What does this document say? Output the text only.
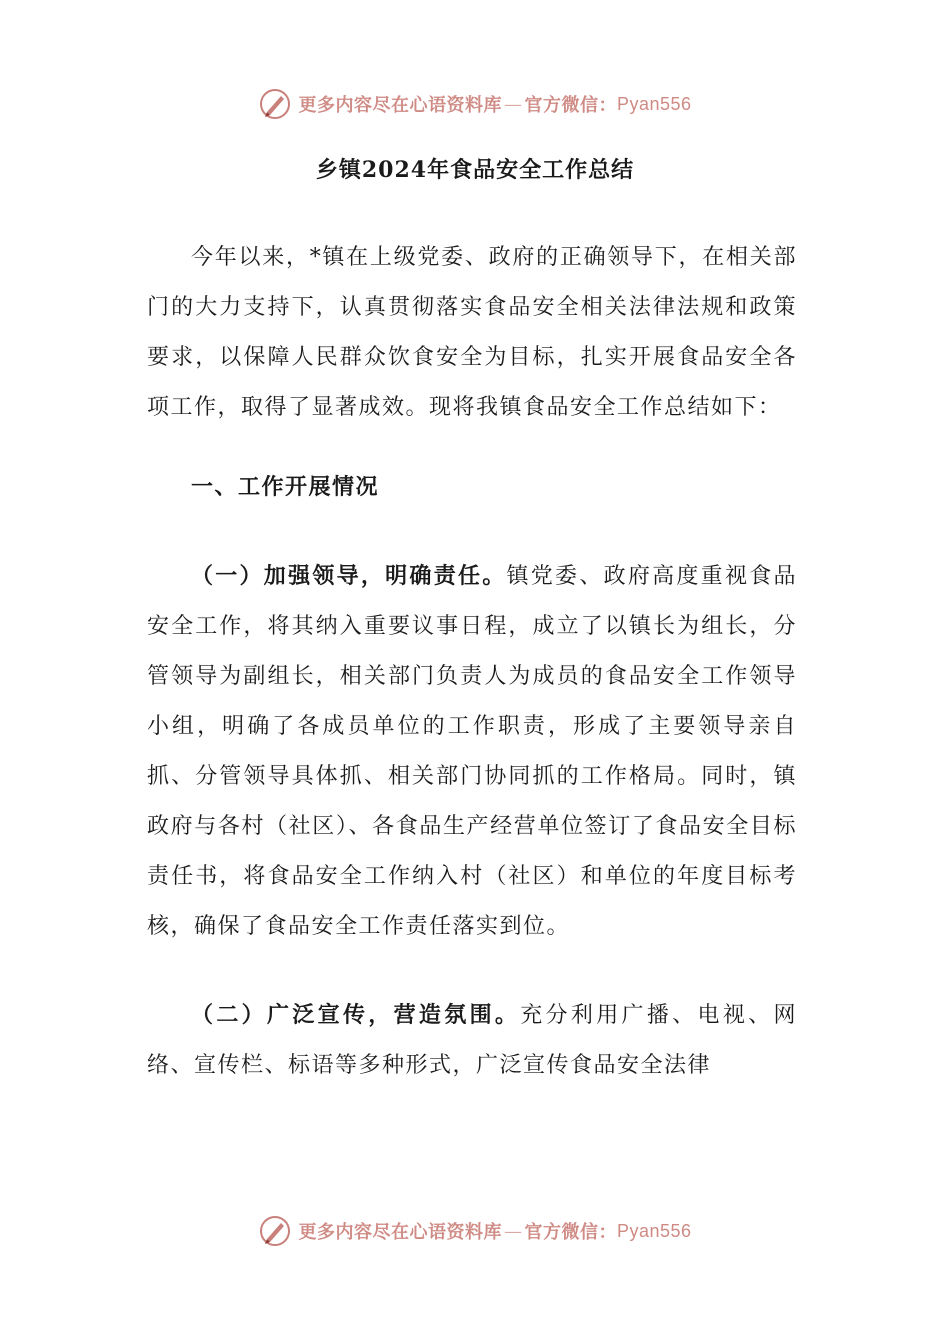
更多内容尽在心语资料库 — 官方微信： Pyan556
乡镇2024年食品安全工作总结

今年以来，*镇在上级党委、政府的正确领导下，在相关部门的大力支持下，认真贯彻落实食品安全相关法律法规和政策要求，以保障人民群众饮食安全为目标，扎实开展食品安全各项工作，取得了显著成效。现将我镇食品安全工作总结如下：

一、工作开展情况

（一）加强领导，明确责任。镇党委、政府高度重视食品安全工作，将其纳入重要议事日程，成立了以镇长为组长，分管领导为副组长，相关部门负责人为成员的食品安全工作领导小组，明确了各成员单位的工作职责，形成了主要领导亲自抓、分管领导具体抓、相关部门协同抓的工作格局。同时，镇政府与各村（社区）、各食品生产经营单位签订了食品安全目标责任书，将食品安全工作纳入村（社区）和单位的年度目标考核，确保了食品安全工作责任落实到位。

（二）广泛宣传，营造氛围。充分利用广播、电视、网络、宣传栏、标语等多种形式，广泛宣传食品安全法律

更多内容尽在心语资料库 — 官方微信： Pyan556
